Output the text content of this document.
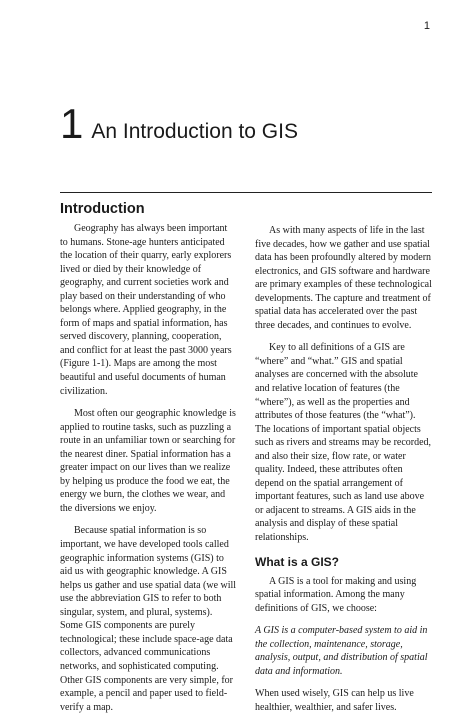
1
1 An Introduction to GIS
Introduction

Geography has always been important to humans. Stone-age hunters anticipated the location of their quarry, early explorers lived or died by their knowledge of geography, and current societies work and play based on their understanding of who belongs where. Applied geography, in the form of maps and spatial information, has served discovery, planning, cooperation, and conflict for at least the past 3000 years (Figure 1-1). Maps are among the most beautiful and useful documents of human civilization.

Most often our geographic knowledge is applied to routine tasks, such as puzzling a route in an unfamiliar town or searching for the nearest diner. Spatial information has a greater impact on our lives than we realize by helping us produce the food we eat, the energy we burn, the clothes we wear, and the diversions we enjoy.

Because spatial information is so important, we have developed tools called geographic information systems (GIS) to aid us with geographic knowledge. A GIS helps us gather and use spatial data (we will use the abbreviation GIS to refer to both singular, system, and plural, systems). Some GIS components are purely technological; these include space-age data collectors, advanced communications networks, and sophisticated computing. Other GIS components are very simple, for example, a pencil and paper used to field-verify a map.

As with many aspects of life in the last five decades, how we gather and use spatial data has been profoundly altered by modern electronics, and GIS software and hardware are primary examples of these technological developments. The capture and treatment of spatial data has accelerated over the past three decades, and continues to evolve.

Key to all definitions of a GIS are “where” and “what.” GIS and spatial analyses are concerned with the absolute and relative location of features (the “where”), as well as the properties and attributes of those features (the “what”). The locations of important spatial objects such as rivers and streams may be recorded, and also their size, flow rate, or water quality. Indeed, these attributes often depend on the spatial arrangement of important features, such as land use above or adjacent to streams. A GIS aids in the analysis and display of these spatial relationships.

What is a GIS?

A GIS is a tool for making and using spatial information. Among the many definitions of GIS, we choose:

A GIS is a computer-based system to aid in the collection, maintenance, storage, analysis, output, and distribution of spatial data and information.

When used wisely, GIS can help us live healthier, wealthier, and safer lives.
